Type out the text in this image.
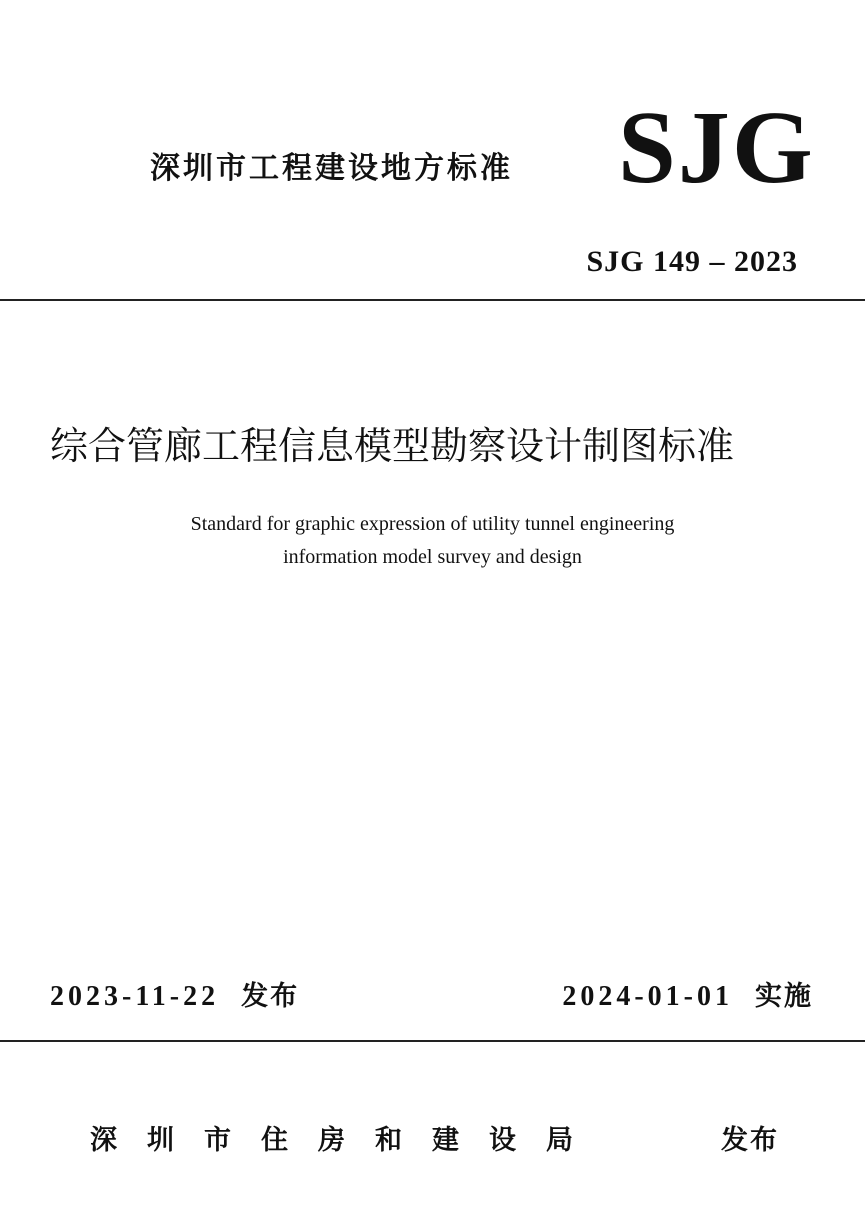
深圳市工程建设地方标准 SJG
SJG 149 – 2023
综合管廊工程信息模型勘察设计制图标准
Standard for graphic expression of utility tunnel engineering
information model survey and design
2023-11-22 发布	2024-01-01 实施
深圳市住房和建设局	发布
